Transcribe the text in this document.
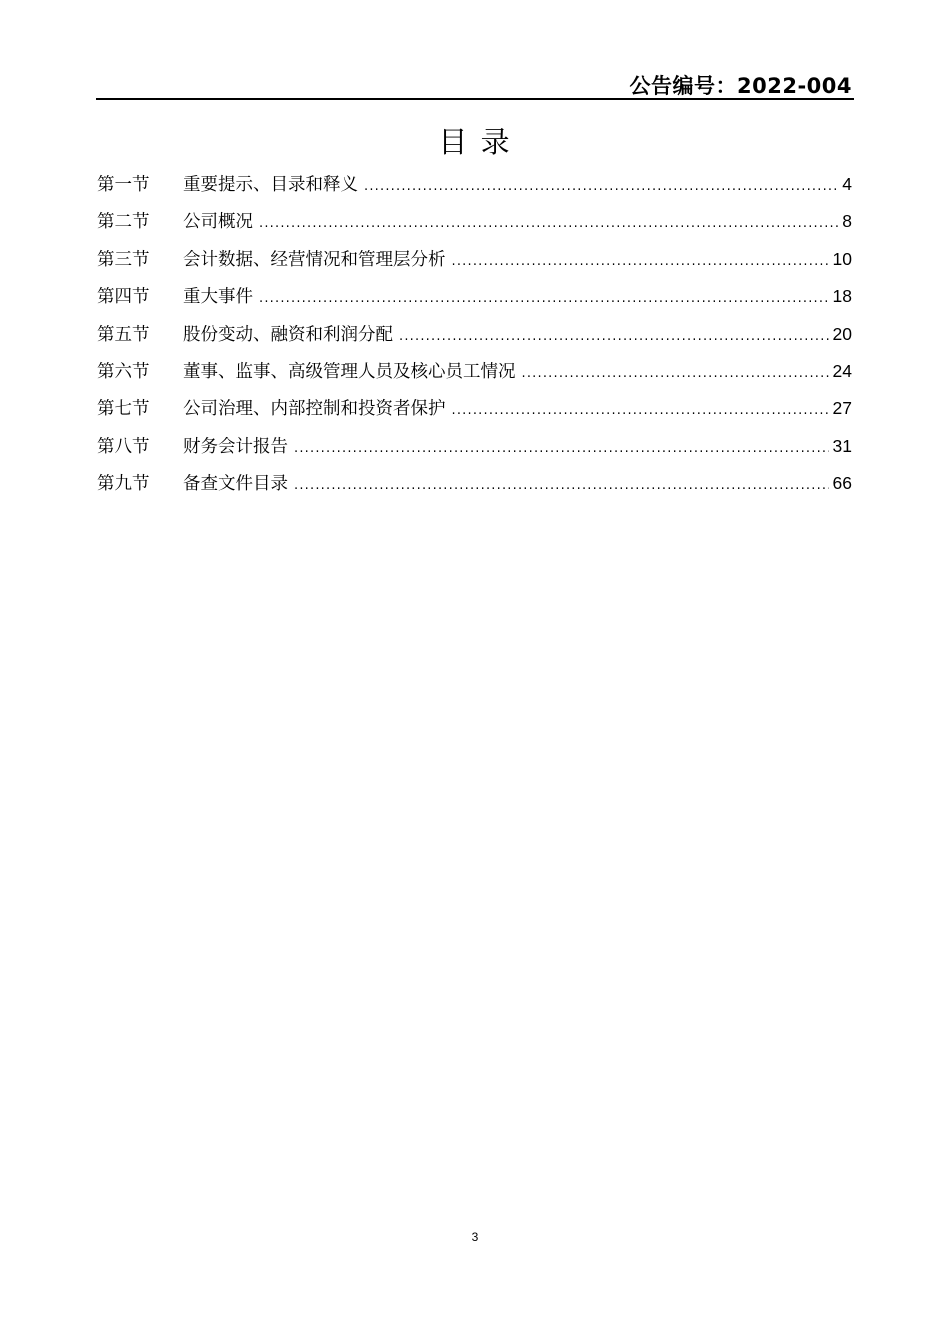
公告编号：2022-004
目 录
第一节	重要提示、目录和释义 .....	4
第二节	公司概况 .....	8
第三节	会计数据、经营情况和管理层分析 .....	10
第四节	重大事件 .....	18
第五节	股份变动、融资和利润分配 .....	20
第六节	董事、监事、高级管理人员及核心员工情况 .....	24
第七节	公司治理、内部控制和投资者保护 .....	27
第八节	财务会计报告 .....	31
第九节	备查文件目录 .....	66
3
